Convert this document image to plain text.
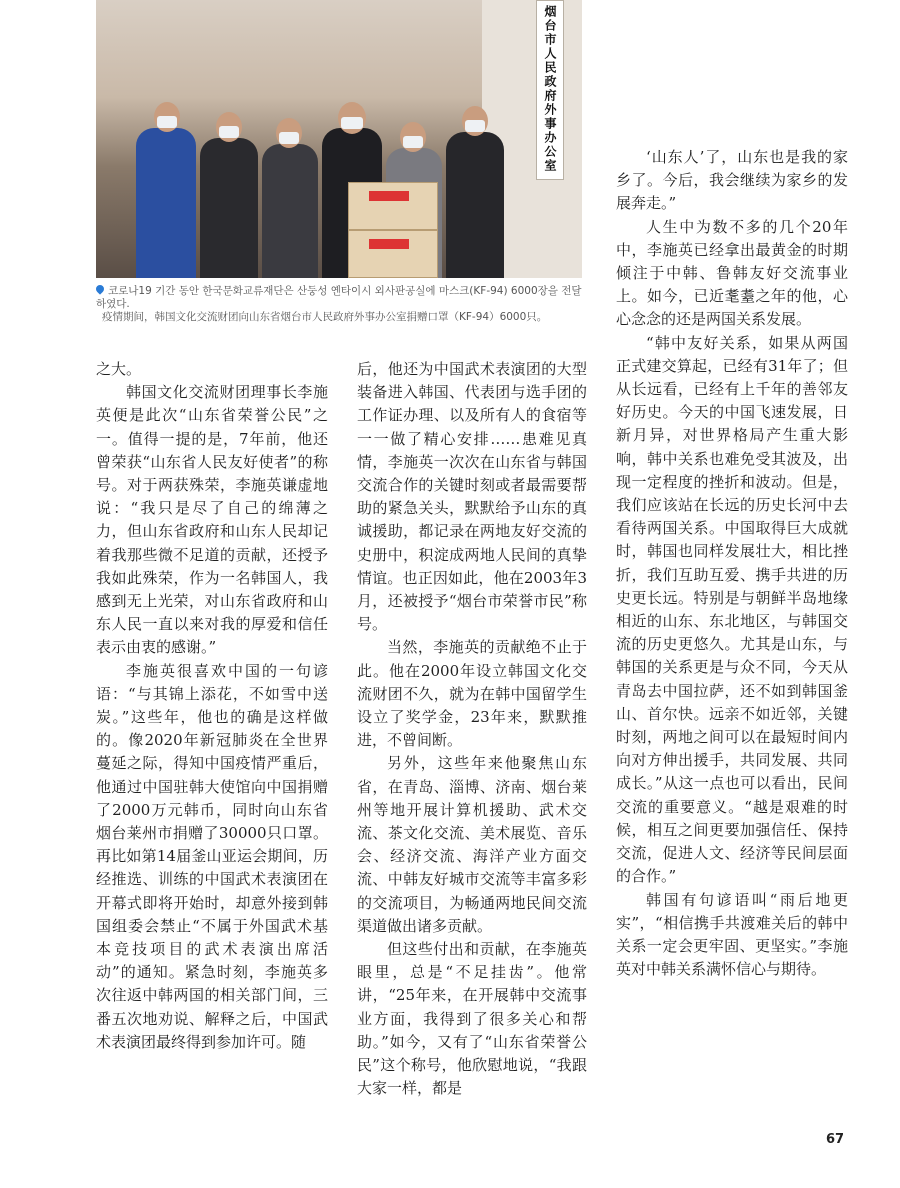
烟台市人民政府外事办公室
코로나19 기간 동안 한국문화교류재단은 산둥성 옌타이시 외사판공실에 마스크(KF-94) 6000장을 전달하였다.
疫情期间，韩国文化交流财团向山东省烟台市人民政府外事办公室捐赠口罩（KF-94）6000只。

之大。

韩国文化交流财团理事长李施英便是此次“山东省荣誉公民”之一。值得一提的是，7年前，他还曾荣获“山东省人民友好使者”的称号。对于两获殊荣，李施英谦虚地说：“我只是尽了自己的绵薄之力，但山东省政府和山东人民却记着我那些微不足道的贡献，还授予我如此殊荣，作为一名韩国人，我感到无上光荣，对山东省政府和山东人民一直以来对我的厚爱和信任表示由衷的感谢。”

李施英很喜欢中国的一句谚语：“与其锦上添花，不如雪中送炭。”这些年，他也的确是这样做的。像2020年新冠肺炎在全世界蔓延之际，得知中国疫情严重后，他通过中国驻韩大使馆向中国捐赠了2000万元韩币，同时向山东省烟台莱州市捐赠了30000只口罩。再比如第14届釜山亚运会期间，历经推选、训练的中国武术表演团在开幕式即将开始时，却意外接到韩国组委会禁止“不属于外国武术基本竞技项目的武术表演出席活动”的通知。紧急时刻，李施英多次往返中韩两国的相关部门间，三番五次地劝说、解释之后，中国武术表演团最终得到参加许可。随

后，他还为中国武术表演团的大型装备进入韩国、代表团与选手团的工作证办理、以及所有人的食宿等一一做了精心安排……患难见真情，李施英一次次在山东省与韩国交流合作的关键时刻或者最需要帮助的紧急关头，默默给予山东的真诚援助，都记录在两地友好交流的史册中，积淀成两地人民间的真挚情谊。也正因如此，他在2003年3月，还被授予“烟台市荣誉市民”称号。

当然，李施英的贡献绝不止于此。他在2000年设立韩国文化交流财团不久，就为在韩中国留学生设立了奖学金，23年来，默默推进，不曾间断。

另外，这些年来他聚焦山东省，在青岛、淄博、济南、烟台莱州等地开展计算机援助、武术交流、茶文化交流、美术展览、音乐会、经济交流、海洋产业方面交流、中韩友好城市交流等丰富多彩的交流项目，为畅通两地民间交流渠道做出诸多贡献。

但这些付出和贡献，在李施英眼里，总是“不足挂齿”。他常讲，“25年来，在开展韩中交流事业方面，我得到了很多关心和帮助。”如今，又有了“山东省荣誉公民”这个称号，他欣慰地说，“我跟大家一样，都是

‘山东人’了，山东也是我的家乡了。今后，我会继续为家乡的发展奔走。”

人生中为数不多的几个20年中，李施英已经拿出最黄金的时期倾注于中韩、鲁韩友好交流事业上。如今，已近耄耋之年的他，心心念念的还是两国关系发展。

“韩中友好关系，如果从两国正式建交算起，已经有31年了；但从长远看，已经有上千年的善邻友好历史。今天的中国飞速发展，日新月异，对世界格局产生重大影响，韩中关系也难免受其波及，出现一定程度的挫折和波动。但是，我们应该站在长远的历史长河中去看待两国关系。中国取得巨大成就时，韩国也同样发展壮大，相比挫折，我们互助互爱、携手共进的历史更长远。特别是与朝鲜半岛地缘相近的山东、东北地区，与韩国交流的历史更悠久。尤其是山东，与韩国的关系更是与众不同，今天从青岛去中国拉萨，还不如到韩国釜山、首尔快。远亲不如近邻，关键时刻，两地之间可以在最短时间内向对方伸出援手，共同发展、共同成长。”从这一点也可以看出，民间交流的重要意义。“越是艰难的时候，相互之间更要加强信任、保持交流，促进人文、经济等民间层面的合作。”

韩国有句谚语叫“雨后地更实”，“相信携手共渡难关后的韩中关系一定会更牢固、更坚实。”李施英对中韩关系满怀信心与期待。

67
